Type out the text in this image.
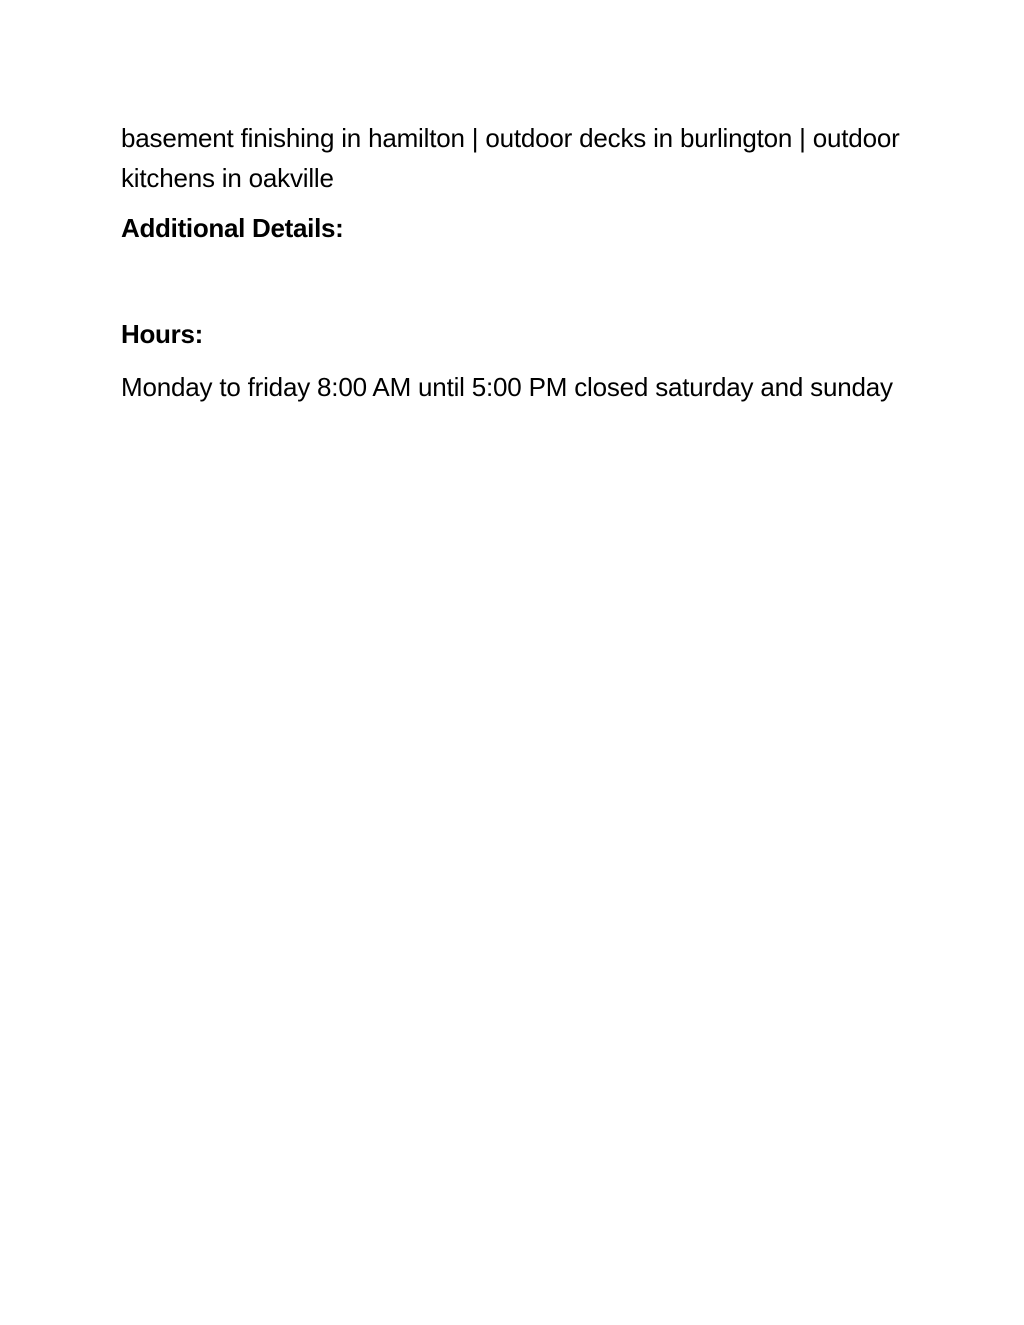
basement finishing in hamilton | outdoor decks in burlington | outdoor kitchens in oakville

Additional Details:
Hours:

Monday to friday 8:00 AM until 5:00 PM closed saturday and sunday
